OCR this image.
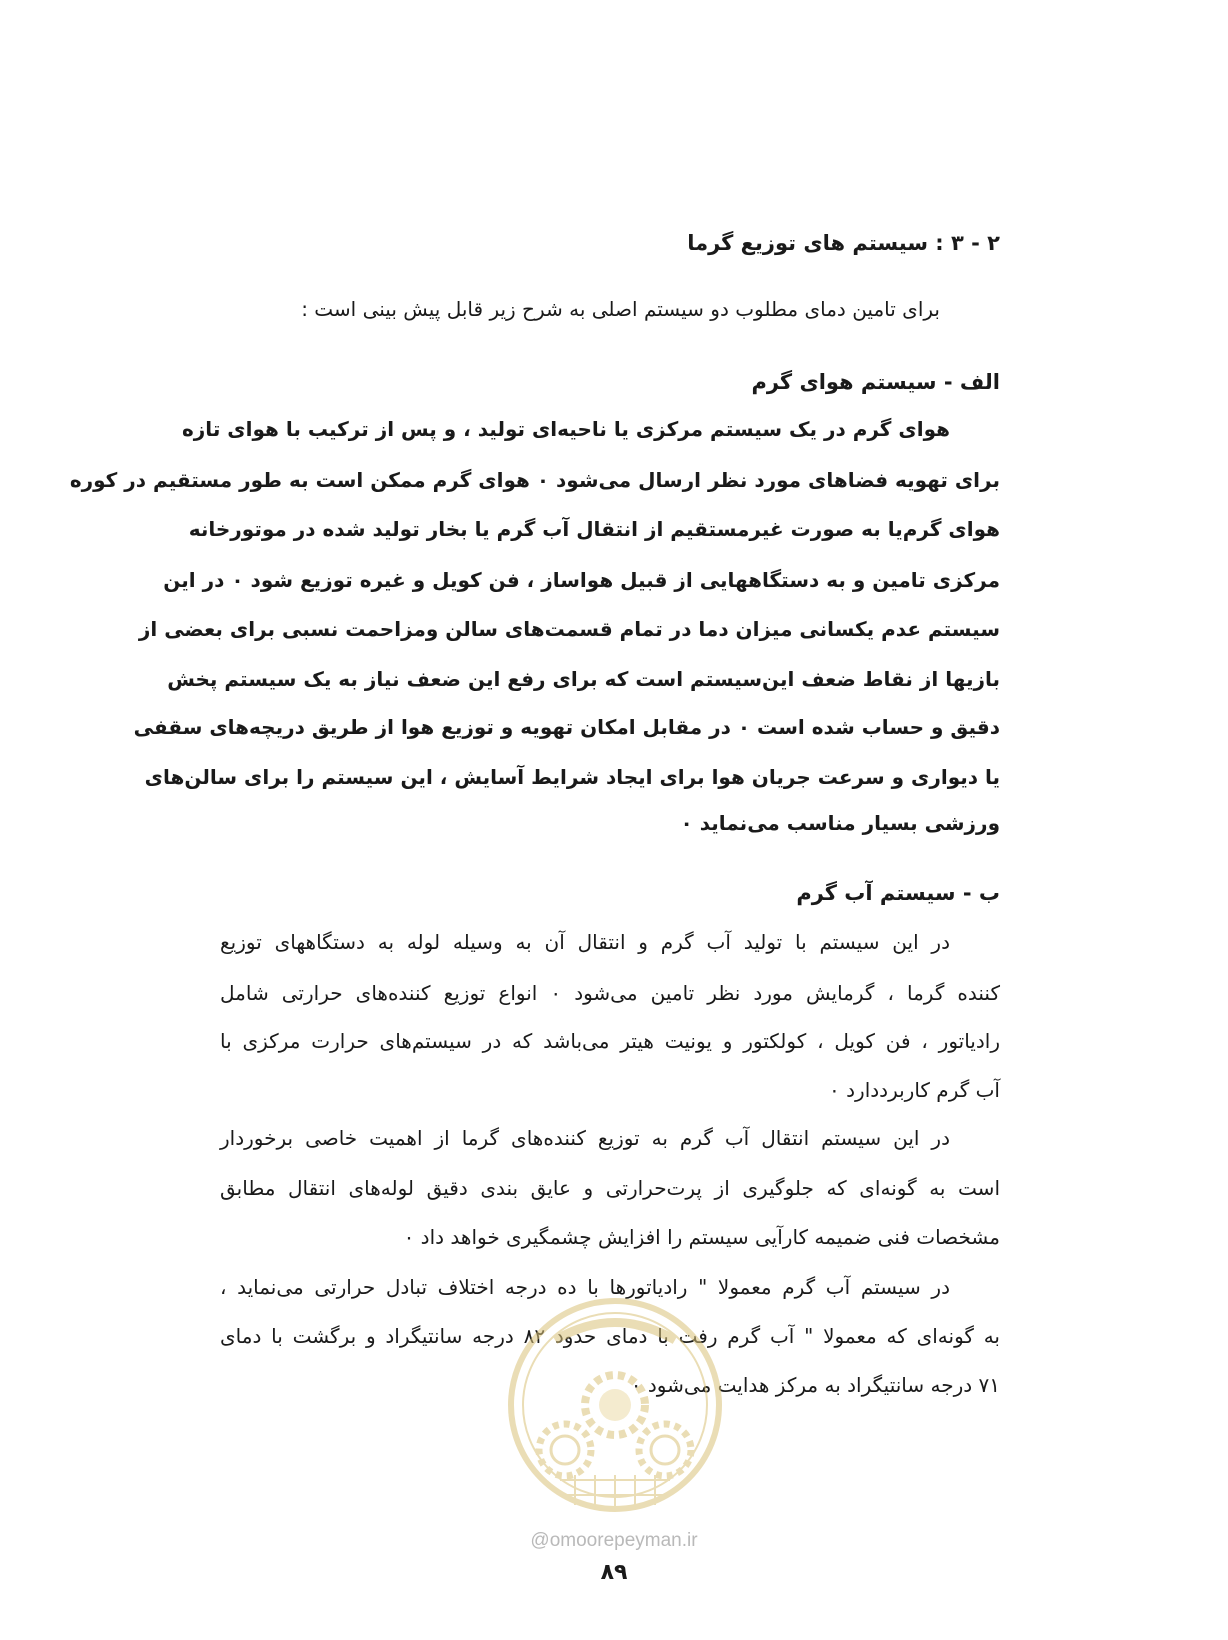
۲ - ۳ : سیستم های توزیع گرما
برای تامین دمای مطلوب دو سیستم اصلی به شرح زیر قابل پیش بینی است :
الف - سیستم هوای گرم
هوای گرم در یک سیستم مرکزی یا ناحیه‌ای تولید ، و پس از ترکیب با هوای تازه
برای تهویه فضاهای مورد نظر ارسال می‌شود ۰ هوای گرم ممکن است به طور مستقیم در کوره
هوای گرم‌یا به صورت غیرمستقیم از انتقال آب گرم یا بخار تولید شده در موتورخانه
مرکزی تامین و به دستگاههایی از قبیل هواساز ، فن کویل و غیره توزیع شود ۰ در این
سیستم عدم یکسانی میزان دما در تمام قسمت‌های سالن ومزاحمت نسبی برای بعضی از
بازیها از نقاط ضعف این‌سیستم است که برای رفع این ضعف نیاز به یک سیستم پخش
دقیق و حساب شده است ۰ در مقابل امکان تهویه و توزیع هوا از طریق دریچه‌های سقفی
یا دیواری و سرعت جریان هوا برای ایجاد شرایط آسایش ، این سیستم را برای سالن‌های
ورزشی بسیار مناسب می‌نماید ۰
ب - سیستم آب گرم
در این سیستم با تولید آب گرم و انتقال آن به وسیله لوله به دستگاههای توزیع
کننده گرما ، گرمایش مورد نظر تامین می‌شود ۰ انواع توزیع کننده‌های حرارتی شامل
رادیاتور ، فن کویل ، کولکتور و یونیت هیتر می‌باشد که در سیستم‌های حرارت مرکزی با
آب گرم کاربرددارد ۰
در این سیستم انتقال آب گرم به توزیع کننده‌های گرما از اهمیت خاصی برخوردار
است به گونه‌ای که جلوگیری از پرت‌حرارتی و عایق بندی دقیق لوله‌های انتقال مطابق
مشخصات فنی ضمیمه کارآیی سیستم را افزایش چشمگیری خواهد داد ۰
در سیستم آب گرم معمولا " رادیاتورها با ده درجه اختلاف تبادل حرارتی می‌نماید ،
به گونه‌ای که معمولا " آب گرم رفت با دمای حدود ۸۲ درجه سانتیگراد و برگشت با دمای
۷۱ درجه سانتیگراد به مرکز هدایت می‌شود ۰
@omoorepeyman.ir
۸۹
